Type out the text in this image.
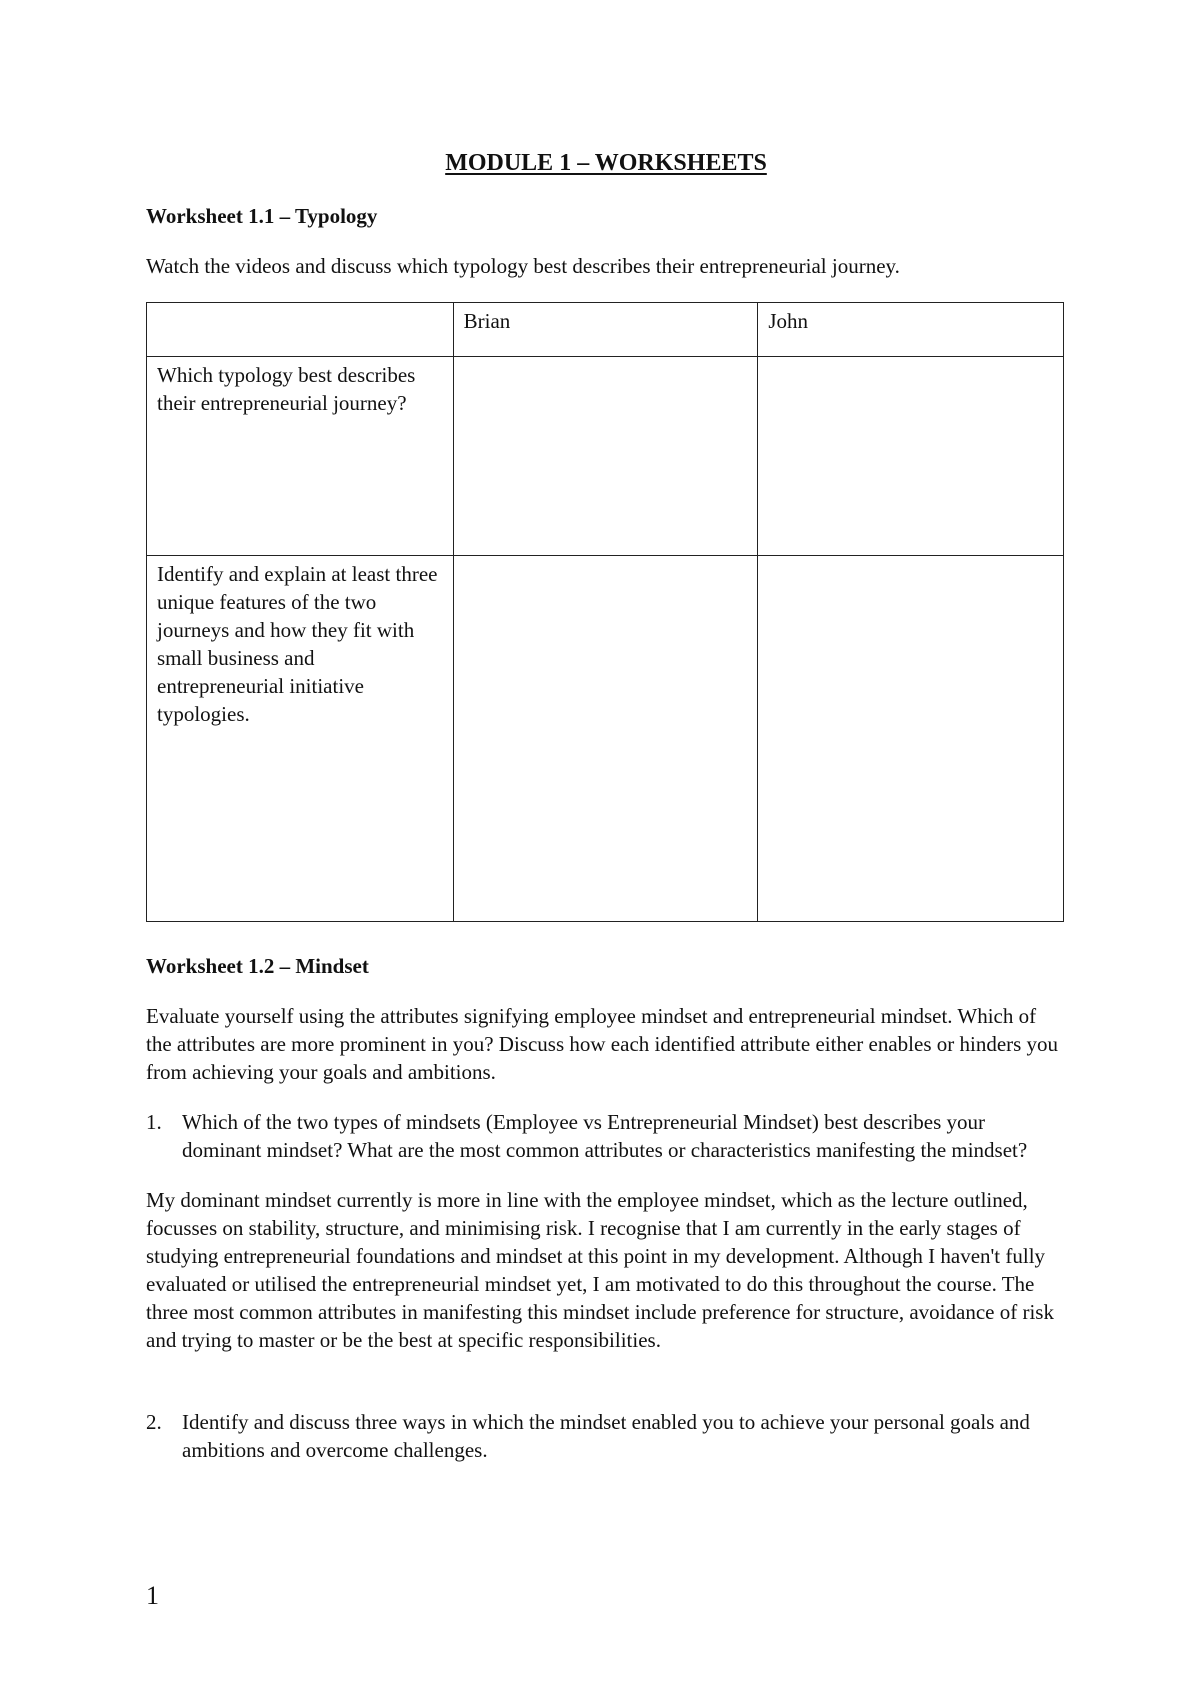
MODULE 1 – WORKSHEETS
Worksheet 1.1 – Typology

Watch the videos and discuss which typology best describes their entrepreneurial journey.

	Brian	John
Which typology best describes their entrepreneurial journey?		
Identify and explain at least three unique features of the two journeys and how they fit with small business and entrepreneurial initiative typologies.		
Worksheet 1.2 – Mindset

Evaluate yourself using the attributes signifying employee mindset and entrepreneurial mindset. Which of the attributes are more prominent in you? Discuss how each identified attribute either enables or hinders you from achieving your goals and ambitions.

1. Which of the two types of mindsets (Employee vs Entrepreneurial Mindset) best describes your dominant mindset? What are the most common attributes or characteristics manifesting the mindset?

My dominant mindset currently is more in line with the employee mindset, which as the lecture outlined, focusses on stability, structure, and minimising risk. I recognise that I am currently in the early stages of studying entrepreneurial foundations and mindset at this point in my development. Although I haven't fully evaluated or utilised the entrepreneurial mindset yet, I am motivated to do this throughout the course. The three most common attributes in manifesting this mindset include preference for structure, avoidance of risk and trying to master or be the best at specific responsibilities.

2. Identify and discuss three ways in which the mindset enabled you to achieve your personal goals and ambitions and overcome challenges.
1
